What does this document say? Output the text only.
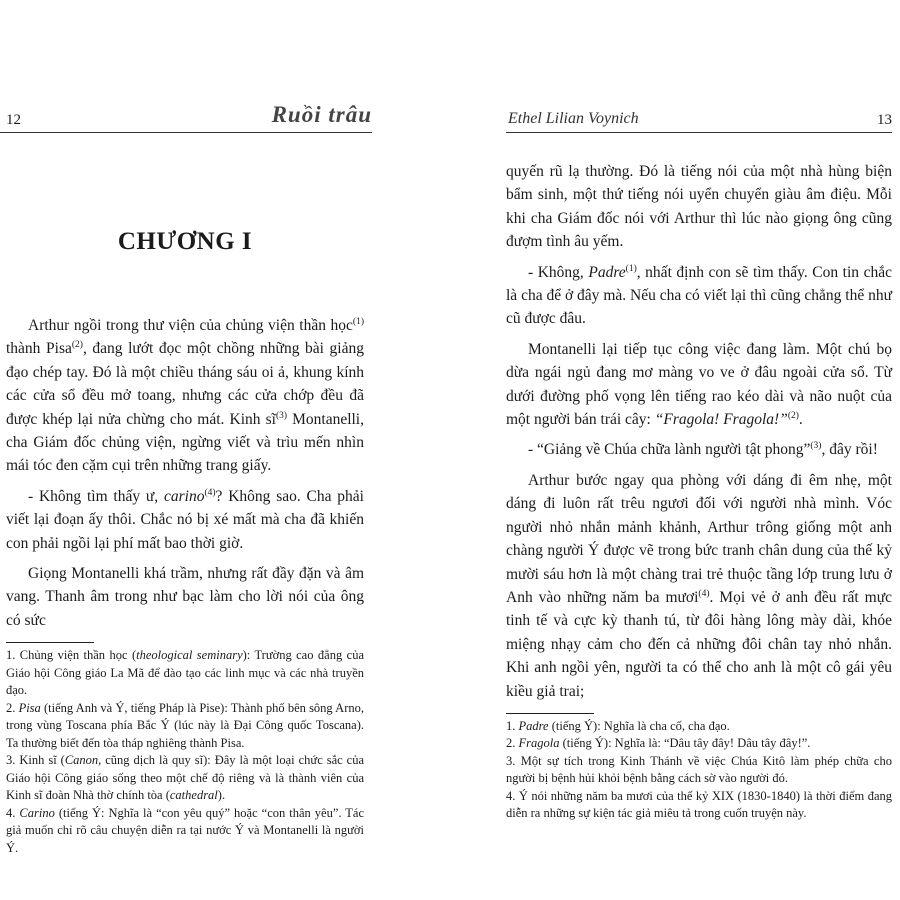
12	Ruồi trâu
CHƯƠNG I

Arthur ngồi trong thư viện của chủng viện thần học$^{(1)}$ thành Pisa$^{(2)}$, đang lướt đọc một chồng những bài giảng đạo chép tay. Đó là một chiều tháng sáu oi ả, khung kính các cửa sổ đều mở toang, nhưng các cửa chớp đều đã được khép lại nửa chừng cho mát. Kinh sĩ$^{(3)}$ Montanelli, cha Giám đốc chủng viện, ngừng viết và trìu mến nhìn mái tóc đen cặm cụi trên những trang giấy.

- Không tìm thấy ư, carino$^{(4)}$? Không sao. Cha phải viết lại đoạn ấy thôi. Chắc nó bị xé mất mà cha đã khiến con phải ngồi lại phí mất bao thời giờ.

Giọng Montanelli khá trầm, nhưng rất đầy đặn và âm vang. Thanh âm trong như bạc làm cho lời nói của ông có sức

1. Chủng viện thần học (theological seminary): Trường cao đẳng của Giáo hội Công giáo La Mã để đào tạo các linh mục và các nhà truyền đạo.

2. Pisa (tiếng Anh và Ý, tiếng Pháp là Pise): Thành phố bên sông Arno, trong vùng Toscana phía Bắc Ý (lúc này là Đại Công quốc Toscana). Ta thường biết đến tòa tháp nghiêng thành Pisa.

3. Kinh sĩ (Canon, cũng dịch là quy sĩ): Đây là một loại chức sắc của Giáo hội Công giáo sống theo một chế độ riêng và là thành viên của Kinh sĩ đoàn Nhà thờ chính tòa (cathedral).

4. Carino (tiếng Ý: Nghĩa là “con yêu quý” hoặc “con thân yêu”. Tác giả muốn chỉ rõ câu chuyện diễn ra tại nước Ý và Montanelli là người Ý.

Ethel Lilian Voynich	13

quyến rũ lạ thường. Đó là tiếng nói của một nhà hùng biện bẩm sinh, một thứ tiếng nói uyển chuyển giàu âm điệu. Mỗi khi cha Giám đốc nói với Arthur thì lúc nào giọng ông cũng đượm tình âu yếm.

- Không, Padre$^{(1)}$, nhất định con sẽ tìm thấy. Con tin chắc là cha để ở đây mà. Nếu cha có viết lại thì cũng chẳng thể như cũ được đâu.

Montanelli lại tiếp tục công việc đang làm. Một chú bọ dừa ngái ngủ đang mơ màng vo ve ở đâu ngoài cửa sổ. Từ dưới đường phố vọng lên tiếng rao kéo dài và não nuột của một người bán trái cây: “Fragola! Fragola!”$^{(2)}$.

- “Giảng về Chúa chữa lành người tật phong”$^{(3)}$, đây rồi!

Arthur bước ngay qua phòng với dáng đi êm nhẹ, một dáng đi luôn rất trêu ngươi đối với người nhà mình. Vóc người nhỏ nhắn mảnh khảnh, Arthur trông giống một anh chàng người Ý được vẽ trong bức tranh chân dung của thế kỷ mười sáu hơn là một chàng trai trẻ thuộc tầng lớp trung lưu ở Anh vào những năm ba mươi$^{(4)}$. Mọi vẻ ở anh đều rất mực tinh tế và cực kỳ thanh tú, từ đôi hàng lông mày dài, khóe miệng nhạy cảm cho đến cả những đôi chân tay nhỏ nhắn. Khi anh ngồi yên, người ta có thể cho anh là một cô gái yêu kiều giả trai;

1. Padre (tiếng Ý): Nghĩa là cha cố, cha đạo.

2. Fragola (tiếng Ý): Nghĩa là: “Dâu tây đây! Dâu tây đây!”.

3. Một sự tích trong Kinh Thánh về việc Chúa Kitô làm phép chữa cho người bị bệnh hủi khỏi bệnh bằng cách sờ vào người đó.

4. Ý nói những năm ba mươi của thế kỷ XIX (1830-1840) là thời điểm đang diễn ra những sự kiện tác giả miêu tả trong cuốn truyện này.
